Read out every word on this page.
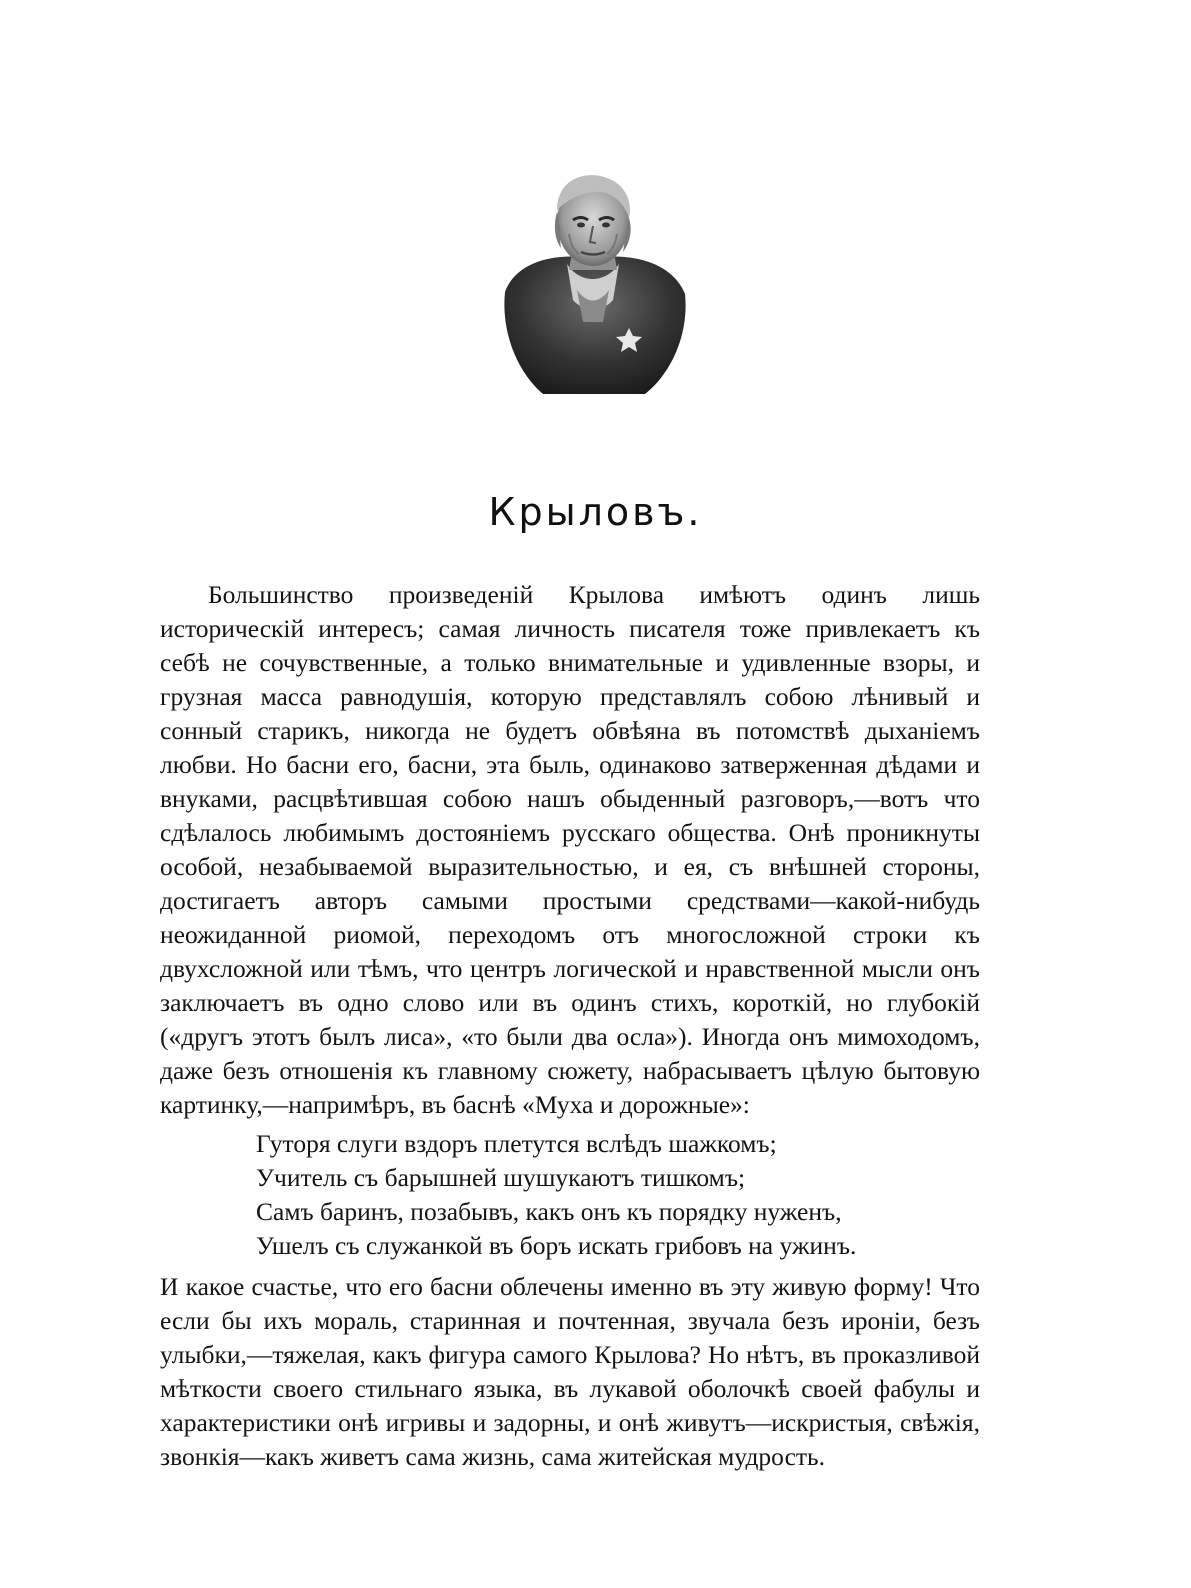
Крыловъ.

Большинство произведеній Крылова имѣютъ одинъ лишь историческій интересъ; самая личность писателя тоже привлекаетъ къ себѣ не сочувственные, а только внимательные и удивленные взоры, и грузная масса равнодушія, которую представлялъ собою лѣнивый и сонный старикъ, никогда не будетъ обвѣяна въ потомствѣ дыханіемъ любви. Но басни его, басни, эта быль, одинаково затверженная дѣдами и внуками, расцвѣтившая собою нашъ обыденный разговоръ,—вотъ что сдѣлалось любимымъ достояніемъ русскаго общества. Онѣ проникнуты особой, незабываемой выразительностью, и ея, съ внѣшней стороны, достигаетъ авторъ самыми простыми средствами—какой-нибудь неожиданной риомой, переходомъ отъ многосложной строки къ двухсложной или тѣмъ, что центръ логической и нравственной мысли онъ заключаетъ въ одно слово или въ одинъ стихъ, короткій, но глубокій («другъ этотъ былъ лиса», «то были два осла»). Иногда онъ мимоходомъ, даже безъ отношенія къ главному сюжету, набрасываетъ цѣлую бытовую картинку,—напримѣръ, въ баснѣ «Муха и дорожные»:

Гуторя слуги вздоръ плетутся вслѣдъ шажкомъ;
Учитель съ барышней шушукаютъ тишкомъ;
Самъ баринъ, позабывъ, какъ онъ къ порядку нуженъ,
Ушелъ съ служанкой въ боръ искать грибовъ на ужинъ.

И какое счастье, что его басни облечены именно въ эту живую форму! Что если бы ихъ мораль, старинная и почтенная, звучала безъ ироніи, безъ улыбки,—тяжелая, какъ фигура самого Крылова? Но нѣтъ, въ проказливой мѣткости своего стильнаго языка, въ лукавой оболочкѣ своей фабулы и характеристики онѣ игривы и задорны, и онѣ живутъ—искристыя, свѣжія, звонкія—какъ живетъ сама жизнь, сама житейская мудрость.
